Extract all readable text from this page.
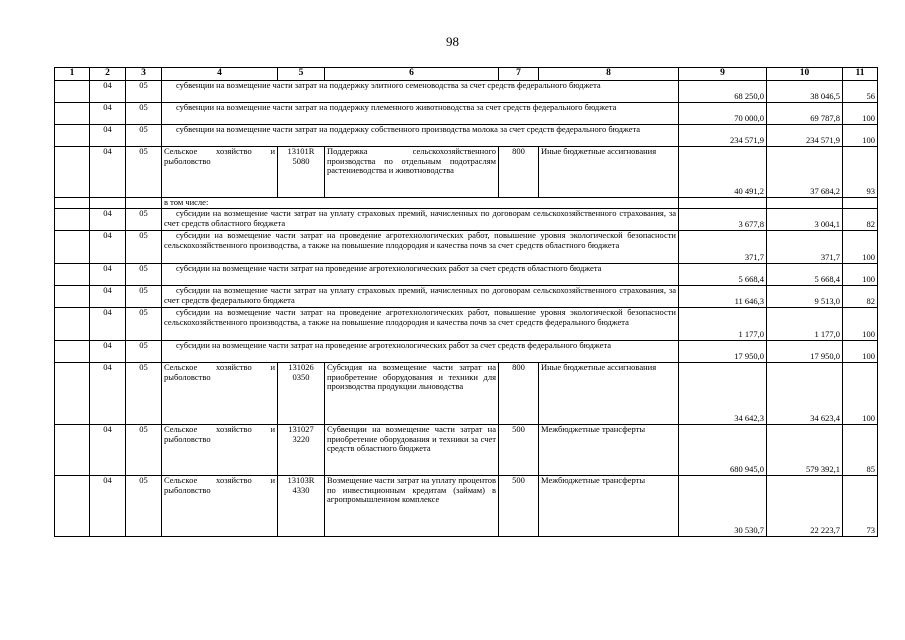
98
1	2	3	4	5	6	7	8	9	10	11
	04	05	субвенции на возмещение части затрат на поддержку элитного семеноводства за счет средств федерального бюджета					68 250,0	38 046,5	56
	04	05	субвенции на возмещение части затрат на поддержку племенного животноводства за счет средств федерального бюджета					70 000,0	69 787,8	100
	04	05	субвенции на возмещение части затрат на поддержку собственного производства молока за счет средств федерального бюджета					234 571,9	234 571,9	100
	04	05	Сельское хозяйство и рыболовство	13101R 5080	Поддержка сельскохозяйственного производства по отдельным подотраслям растениеводства и животноводства	800	Иные бюджетные ассигнования	40 491,2	37 684,2	93
			в том числе:							
	04	05	субсидии на возмещение части затрат на уплату страховых премий, начисленных по договорам сельскохозяйственного страхования, за счет средств областного бюджета					3 677,8	3 004,1	82
	04	05	субсидии на возмещение части затрат на проведение агротехнологических работ, повышение уровня экологической безопасности сельскохозяйственного производства, а также на повышение плодородия и качества почв за счет средств областного бюджета					371,7	371,7	100
	04	05	субсидии на возмещение части затрат на проведение агротехнологических работ за счет средств областного бюджета					5 668,4	5 668,4	100
	04	05	субсидии на возмещение части затрат на уплату страховых премий, начисленных по договорам сельскохозяйственного страхования, за счет средств федерального бюджета					11 646,3	9 513,0	82
	04	05	субсидии на возмещение части затрат на проведение агротехнологических работ, повышение уровня экологической безопасности сельскохозяйственного производства, а также на повышение плодородия и качества почв за счет средств федерального бюджета					1 177,0	1 177,0	100
	04	05	субсидии на возмещение части затрат на проведение агротехнологических работ за счет средств федерального бюджета					17 950,0	17 950,0	100
	04	05	Сельское хозяйство и рыболовство	131026 0350	Субсидия на возмещение части затрат на приобретение оборудования и техники для производства продукции льноводства	800	Иные бюджетные ассигнования	34 642,3	34 623,4	100
	04	05	Сельское хозяйство и рыболовство	131027 3220	Субвенции на возмещение части затрат на приобретение оборудования и техники за счет средств областного бюджета	500	Межбюджетные трансферты	680 945,0	579 392,1	85
	04	05	Сельское хозяйство и рыболовство	13103R 4330	Возмещение части затрат на уплату процентов по инвестиционным кредитам (займам) в агропромышленном комплексе	500	Межбюджетные трансферты	30 530,7	22 223,7	73
